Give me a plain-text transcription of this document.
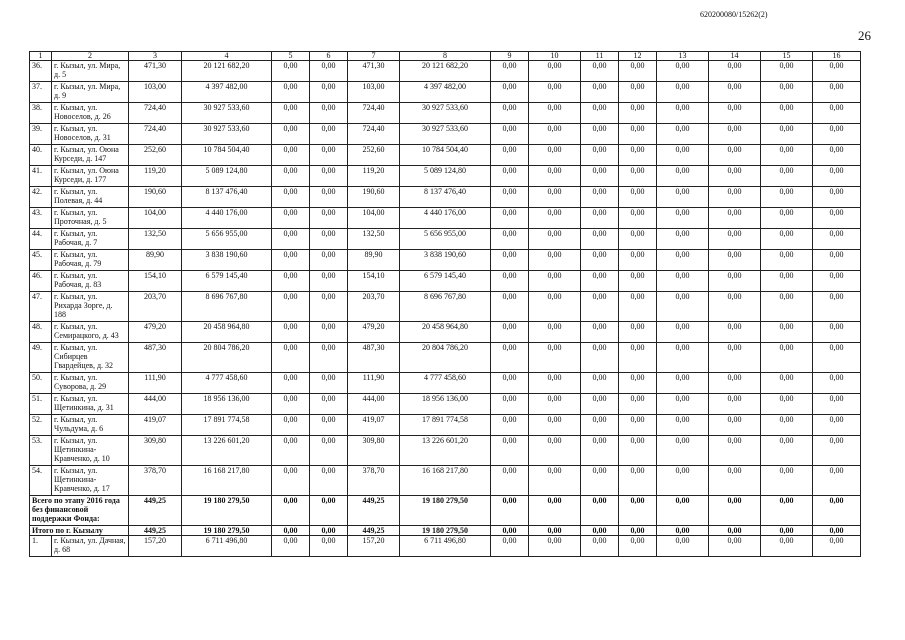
620200080/15262(2)
26
1	2	3	4	5	6	7	8	9	10	11	12	13	14	15	16
36.	г. Кызыл, ул. Мира, д. 5	471,30	20 121 682,20	0,00	0,00	471,30	20 121 682,20	0,00	0,00	0,00	0,00	0,00	0,00	0,00	0,00
37.	г. Кызыл, ул. Мира, д. 9	103,00	4 397 482,00	0,00	0,00	103,00	4 397 482,00	0,00	0,00	0,00	0,00	0,00	0,00	0,00	0,00
38.	г. Кызыл, ул. Новоселов, д. 26	724,40	30 927 533,60	0,00	0,00	724,40	30 927 533,60	0,00	0,00	0,00	0,00	0,00	0,00	0,00	0,00
39.	г. Кызыл, ул. Новоселов, д. 31	724,40	30 927 533,60	0,00	0,00	724,40	30 927 533,60	0,00	0,00	0,00	0,00	0,00	0,00	0,00	0,00
40.	г. Кызыл, ул. Оюна Курседи, д. 147	252,60	10 784 504,40	0,00	0,00	252,60	10 784 504,40	0,00	0,00	0,00	0,00	0,00	0,00	0,00	0,00
41.	г. Кызыл, ул. Оюна Курседи, д. 177	119,20	5 089 124,80	0,00	0,00	119,20	5 089 124,80	0,00	0,00	0,00	0,00	0,00	0,00	0,00	0,00
42.	г. Кызыл, ул. Полевая, д. 44	190,60	8 137 476,40	0,00	0,00	190,60	8 137 476,40	0,00	0,00	0,00	0,00	0,00	0,00	0,00	0,00
43.	г. Кызыл, ул. Проточная, д. 5	104,00	4 440 176,00	0,00	0,00	104,00	4 440 176,00	0,00	0,00	0,00	0,00	0,00	0,00	0,00	0,00
44.	г. Кызыл, ул. Рабочая, д. 7	132,50	5 656 955,00	0,00	0,00	132,50	5 656 955,00	0,00	0,00	0,00	0,00	0,00	0,00	0,00	0,00
45.	г. Кызыл, ул. Рабочая, д. 79	89,90	3 838 190,60	0,00	0,00	89,90	3 838 190,60	0,00	0,00	0,00	0,00	0,00	0,00	0,00	0,00
46.	г. Кызыл, ул. Рабочая, д. 83	154,10	6 579 145,40	0,00	0,00	154,10	6 579 145,40	0,00	0,00	0,00	0,00	0,00	0,00	0,00	0,00
47.	г. Кызыл, ул. Рихарда Зорге, д. 188	203,70	8 696 767,80	0,00	0,00	203,70	8 696 767,80	0,00	0,00	0,00	0,00	0,00	0,00	0,00	0,00
48.	г. Кызыл, ул. Семирацкого, д. 43	479,20	20 458 964,80	0,00	0,00	479,20	20 458 964,80	0,00	0,00	0,00	0,00	0,00	0,00	0,00	0,00
49.	г. Кызыл, ул. Сибирцев Гвардейцев, д. 32	487,30	20 804 786,20	0,00	0,00	487,30	20 804 786,20	0,00	0,00	0,00	0,00	0,00	0,00	0,00	0,00
50.	г. Кызыл, ул. Суворова, д. 29	111,90	4 777 458,60	0,00	0,00	111,90	4 777 458,60	0,00	0,00	0,00	0,00	0,00	0,00	0,00	0,00
51.	г. Кызыл, ул. Щетинкина, д. 31	444,00	18 956 136,00	0,00	0,00	444,00	18 956 136,00	0,00	0,00	0,00	0,00	0,00	0,00	0,00	0,00
52.	г. Кызыл, ул. Чульдума, д. 6	419,07	17 891 774,58	0,00	0,00	419,07	17 891 774,58	0,00	0,00	0,00	0,00	0,00	0,00	0,00	0,00
53.	г. Кызыл, ул. Щетинкина-Кравченко, д. 10	309,80	13 226 601,20	0,00	0,00	309,80	13 226 601,20	0,00	0,00	0,00	0,00	0,00	0,00	0,00	0,00
54.	г. Кызыл, ул. Щетинкина-Кравченко, д. 17	378,70	16 168 217,80	0,00	0,00	378,70	16 168 217,80	0,00	0,00	0,00	0,00	0,00	0,00	0,00	0,00
Всего по этапу 2016 года без финансовой поддержки Фонда:		449,25	19 180 279,50	0,00	0,00	449,25	19 180 279,50	0,00	0,00	0,00	0,00	0,00	0,00	0,00	0,00
Итого по г. Кызылу		449,25	19 180 279,50	0,00	0,00	449,25	19 180 279,50	0,00	0,00	0,00	0,00	0,00	0,00	0,00	0,00
1.	г. Кызыл, ул. Дачная, д. 68	157,20	6 711 496,80	0,00	0,00	157,20	6 711 496,80	0,00	0,00	0,00	0,00	0,00	0,00	0,00	0,00
